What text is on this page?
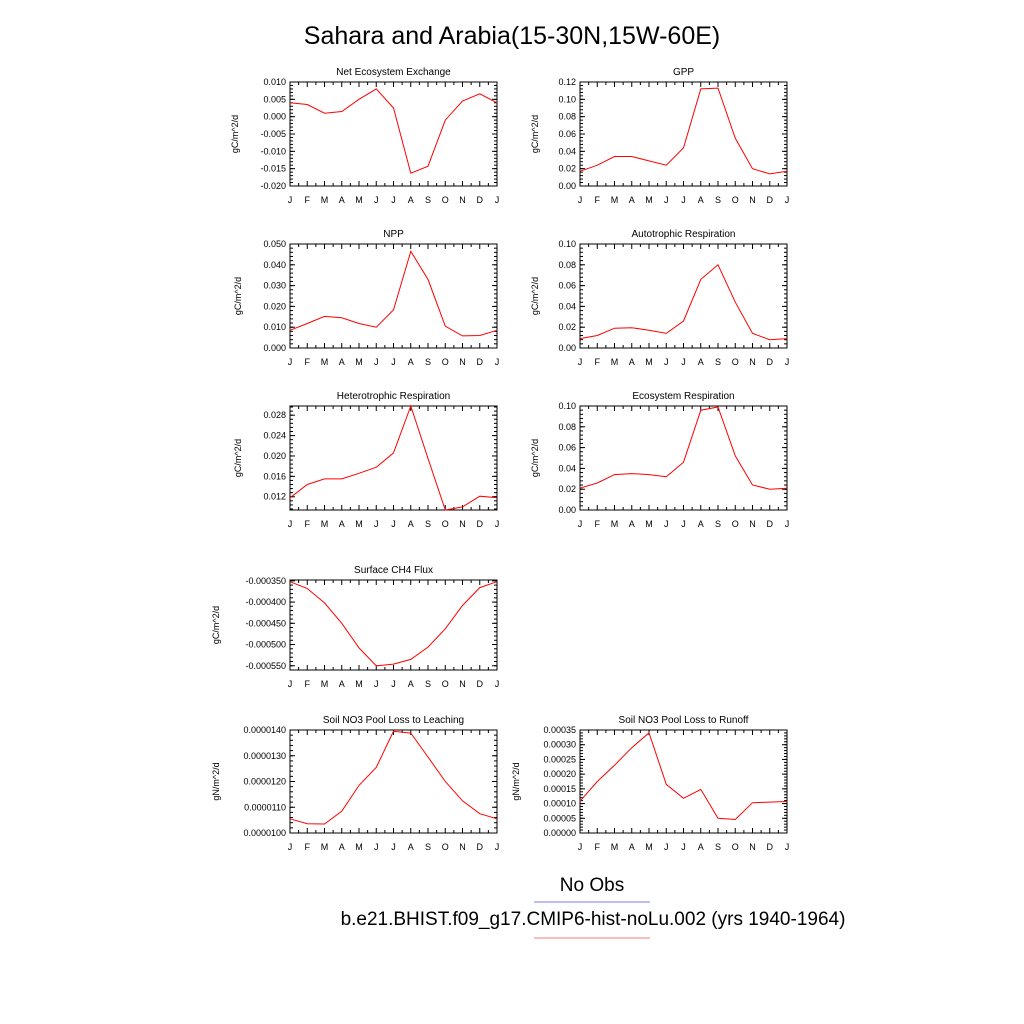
Sahara and Arabia(15-30N,15W-60E)
Net Ecosystem Exchange
gC/m^2/d
J F M A M J J A S O N D J
0.010
0.005
0.000
-0.005
-0.010
-0.015
-0.020
GPP
gC/m^2/d
J F M A M J J A S O N D J
0.12
0.10
0.08
0.06
0.04
0.02
0.00
NPP
gC/m^2/d
J F M A M J J A S O N D J
0.050
0.040
0.030
0.020
0.010
0.000
Autotrophic Respiration
gC/m^2/d
J F M A M J J A S O N D J
0.10
0.08
0.06
0.04
0.02
0.00
Heterotrophic Respiration
gC/m^2/d
J F M A M J J A S O N D J
0.028
0.024
0.020
0.016
0.012
Ecosystem Respiration
gC/m^2/d
J F M A M J J A S O N D J
0.10
0.08
0.06
0.04
0.02
0.00
Surface CH4 Flux
gC/m^2/d
J F M A M J J A S O N D J
-0.000350
-0.000400
-0.000450
-0.000500
-0.000550
Soil NO3 Pool Loss to Leaching
gN/m^2/d
J F M A M J J A S O N D J
0.0000140
0.0000130
0.0000120
0.0000110
0.0000100
Soil NO3 Pool Loss to Runoff
gN/m^2/d
J F M A M J J A S O N D J
0.00035
0.00030
0.00025
0.00020
0.00015
0.00010
0.00005
0.00000
No Obs
b.e21.BHIST.f09_g17.CMIP6-hist-noLu.002 (yrs 1940-1964)
